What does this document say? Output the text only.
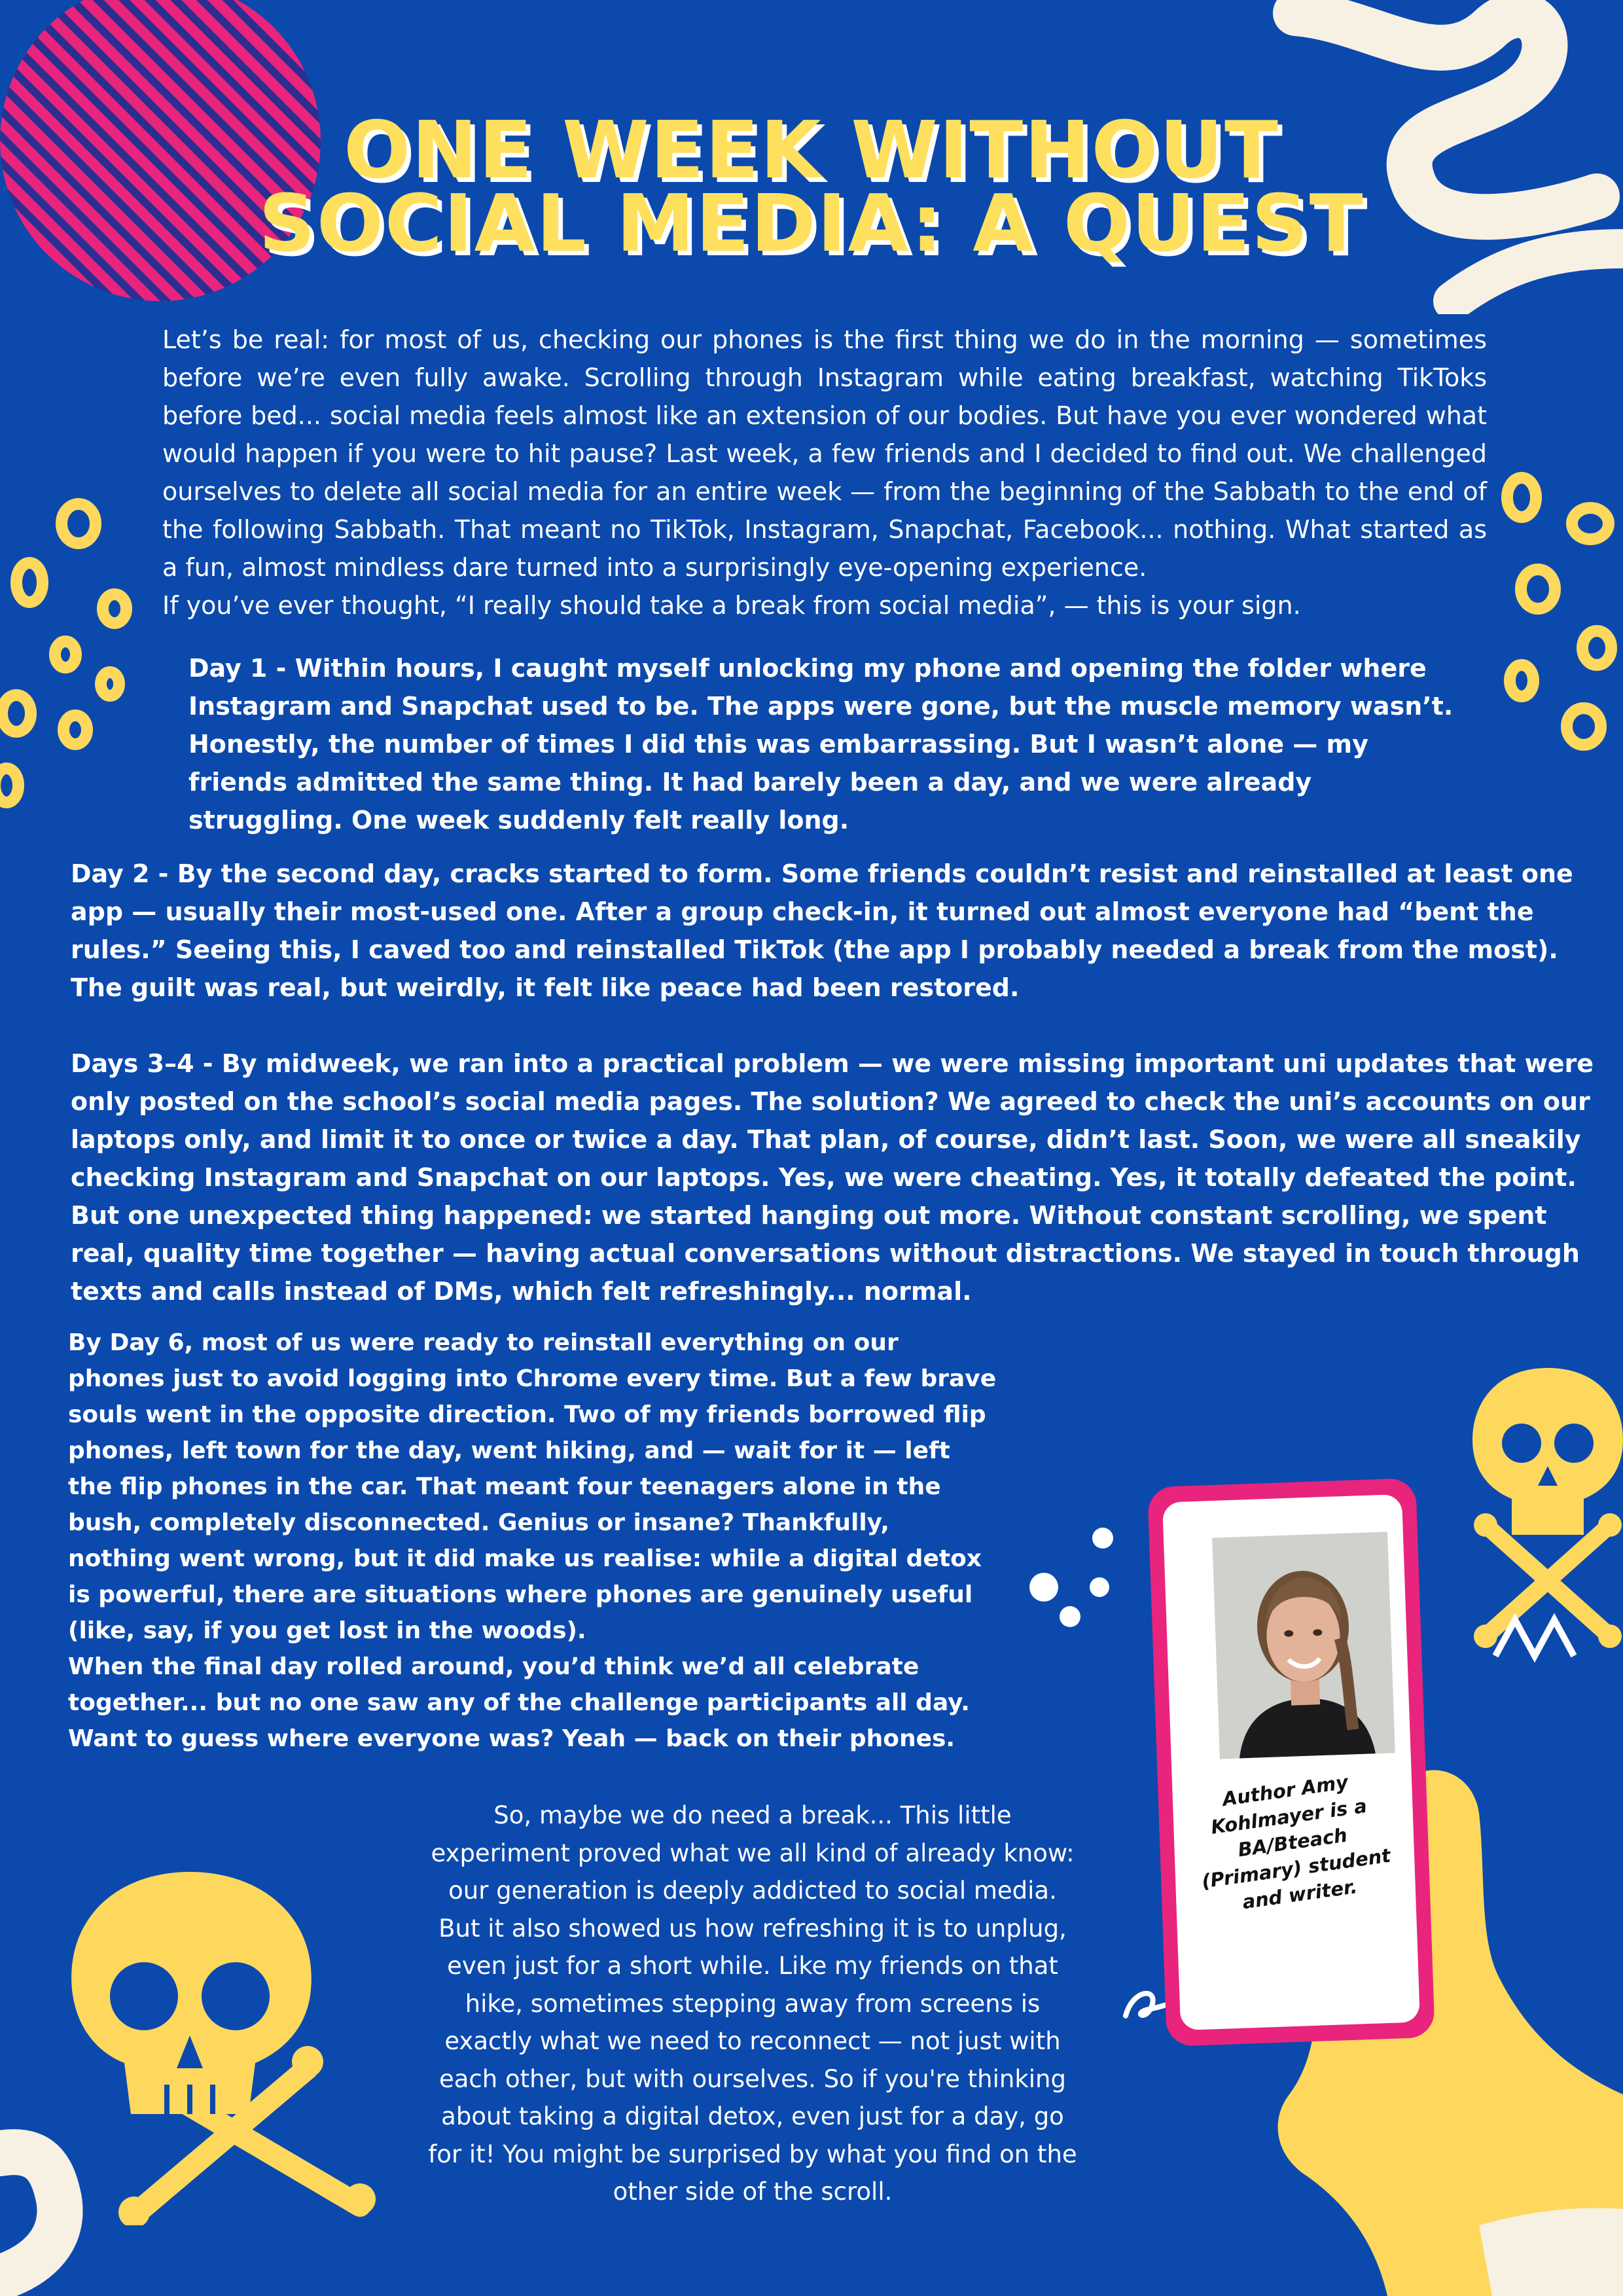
ONE WEEK WITHOUT
SOCIAL MEDIA: A QUEST

Let’s be real: for most of us, checking our phones is the first thing we do in the morning — sometimes before we’re even fully awake. Scrolling through Instagram while eating breakfast, watching TikToks before bed... social media feels almost like an extension of our bodies. But have you ever wondered what would happen if you were to hit pause? Last week, a few friends and I decided to find out. We challenged ourselves to delete all social media for an entire week — from the beginning of the Sabbath to the end of the following Sabbath. That meant no TikTok, Instagram, Snapchat, Facebook... nothing. What started as a fun, almost mindless dare turned into a surprisingly eye-opening experience.

If you’ve ever thought, “I really should take a break from social media”, — this is your sign.

Day 1 - Within hours, I caught myself unlocking my phone and opening the folder where Instagram and Snapchat used to be. The apps were gone, but the muscle memory wasn’t. Honestly, the number of times I did this was embarrassing. But I wasn’t alone — my friends admitted the same thing. It had barely been a day, and we were already struggling. One week suddenly felt really long.

Day 2 - By the second day, cracks started to form. Some friends couldn’t resist and reinstalled at least one app — usually their most-used one. After a group check-in, it turned out almost everyone had “bent the rules.” Seeing this, I caved too and reinstalled TikTok (the app I probably needed a break from the most). The guilt was real, but weirdly, it felt like peace had been restored.

Days 3–4 - By midweek, we ran into a practical problem — we were missing important uni updates that were only posted on the school’s social media pages. The solution? We agreed to check the uni’s accounts on our laptops only, and limit it to once or twice a day. That plan, of course, didn’t last. Soon, we were all sneakily checking Instagram and Snapchat on our laptops. Yes, we were cheating. Yes, it totally defeated the point. But one unexpected thing happened: we started hanging out more. Without constant scrolling, we spent real, quality time together — having actual conversations without distractions. We stayed in touch through texts and calls instead of DMs, which felt refreshingly... normal.

By Day 6, most of us were ready to reinstall everything on our phones just to avoid logging into Chrome every time. But a few brave souls went in the opposite direction. Two of my friends borrowed flip phones, left town for the day, went hiking, and — wait for it — left the flip phones in the car. That meant four teenagers alone in the bush, completely disconnected. Genius or insane? Thankfully, nothing went wrong, but it did make us realise: while a digital detox is powerful, there are situations where phones are genuinely useful (like, say, if you get lost in the woods).

When the final day rolled around, you’d think we’d all celebrate together... but no one saw any of the challenge participants all day. Want to guess where everyone was? Yeah — back on their phones.

So, maybe we do need a break... This little experiment proved what we all kind of already know: our generation is deeply addicted to social media. But it also showed us how refreshing it is to unplug, even just for a short while. Like my friends on that hike, sometimes stepping away from screens is exactly what we need to reconnect — not just with each other, but with ourselves. So if you're thinking about taking a digital detox, even just for a day, go for it! You might be surprised by what you find on the other side of the scroll.

Author Amy Kohlmayer is a BA/Bteach (Primary) student and writer.
